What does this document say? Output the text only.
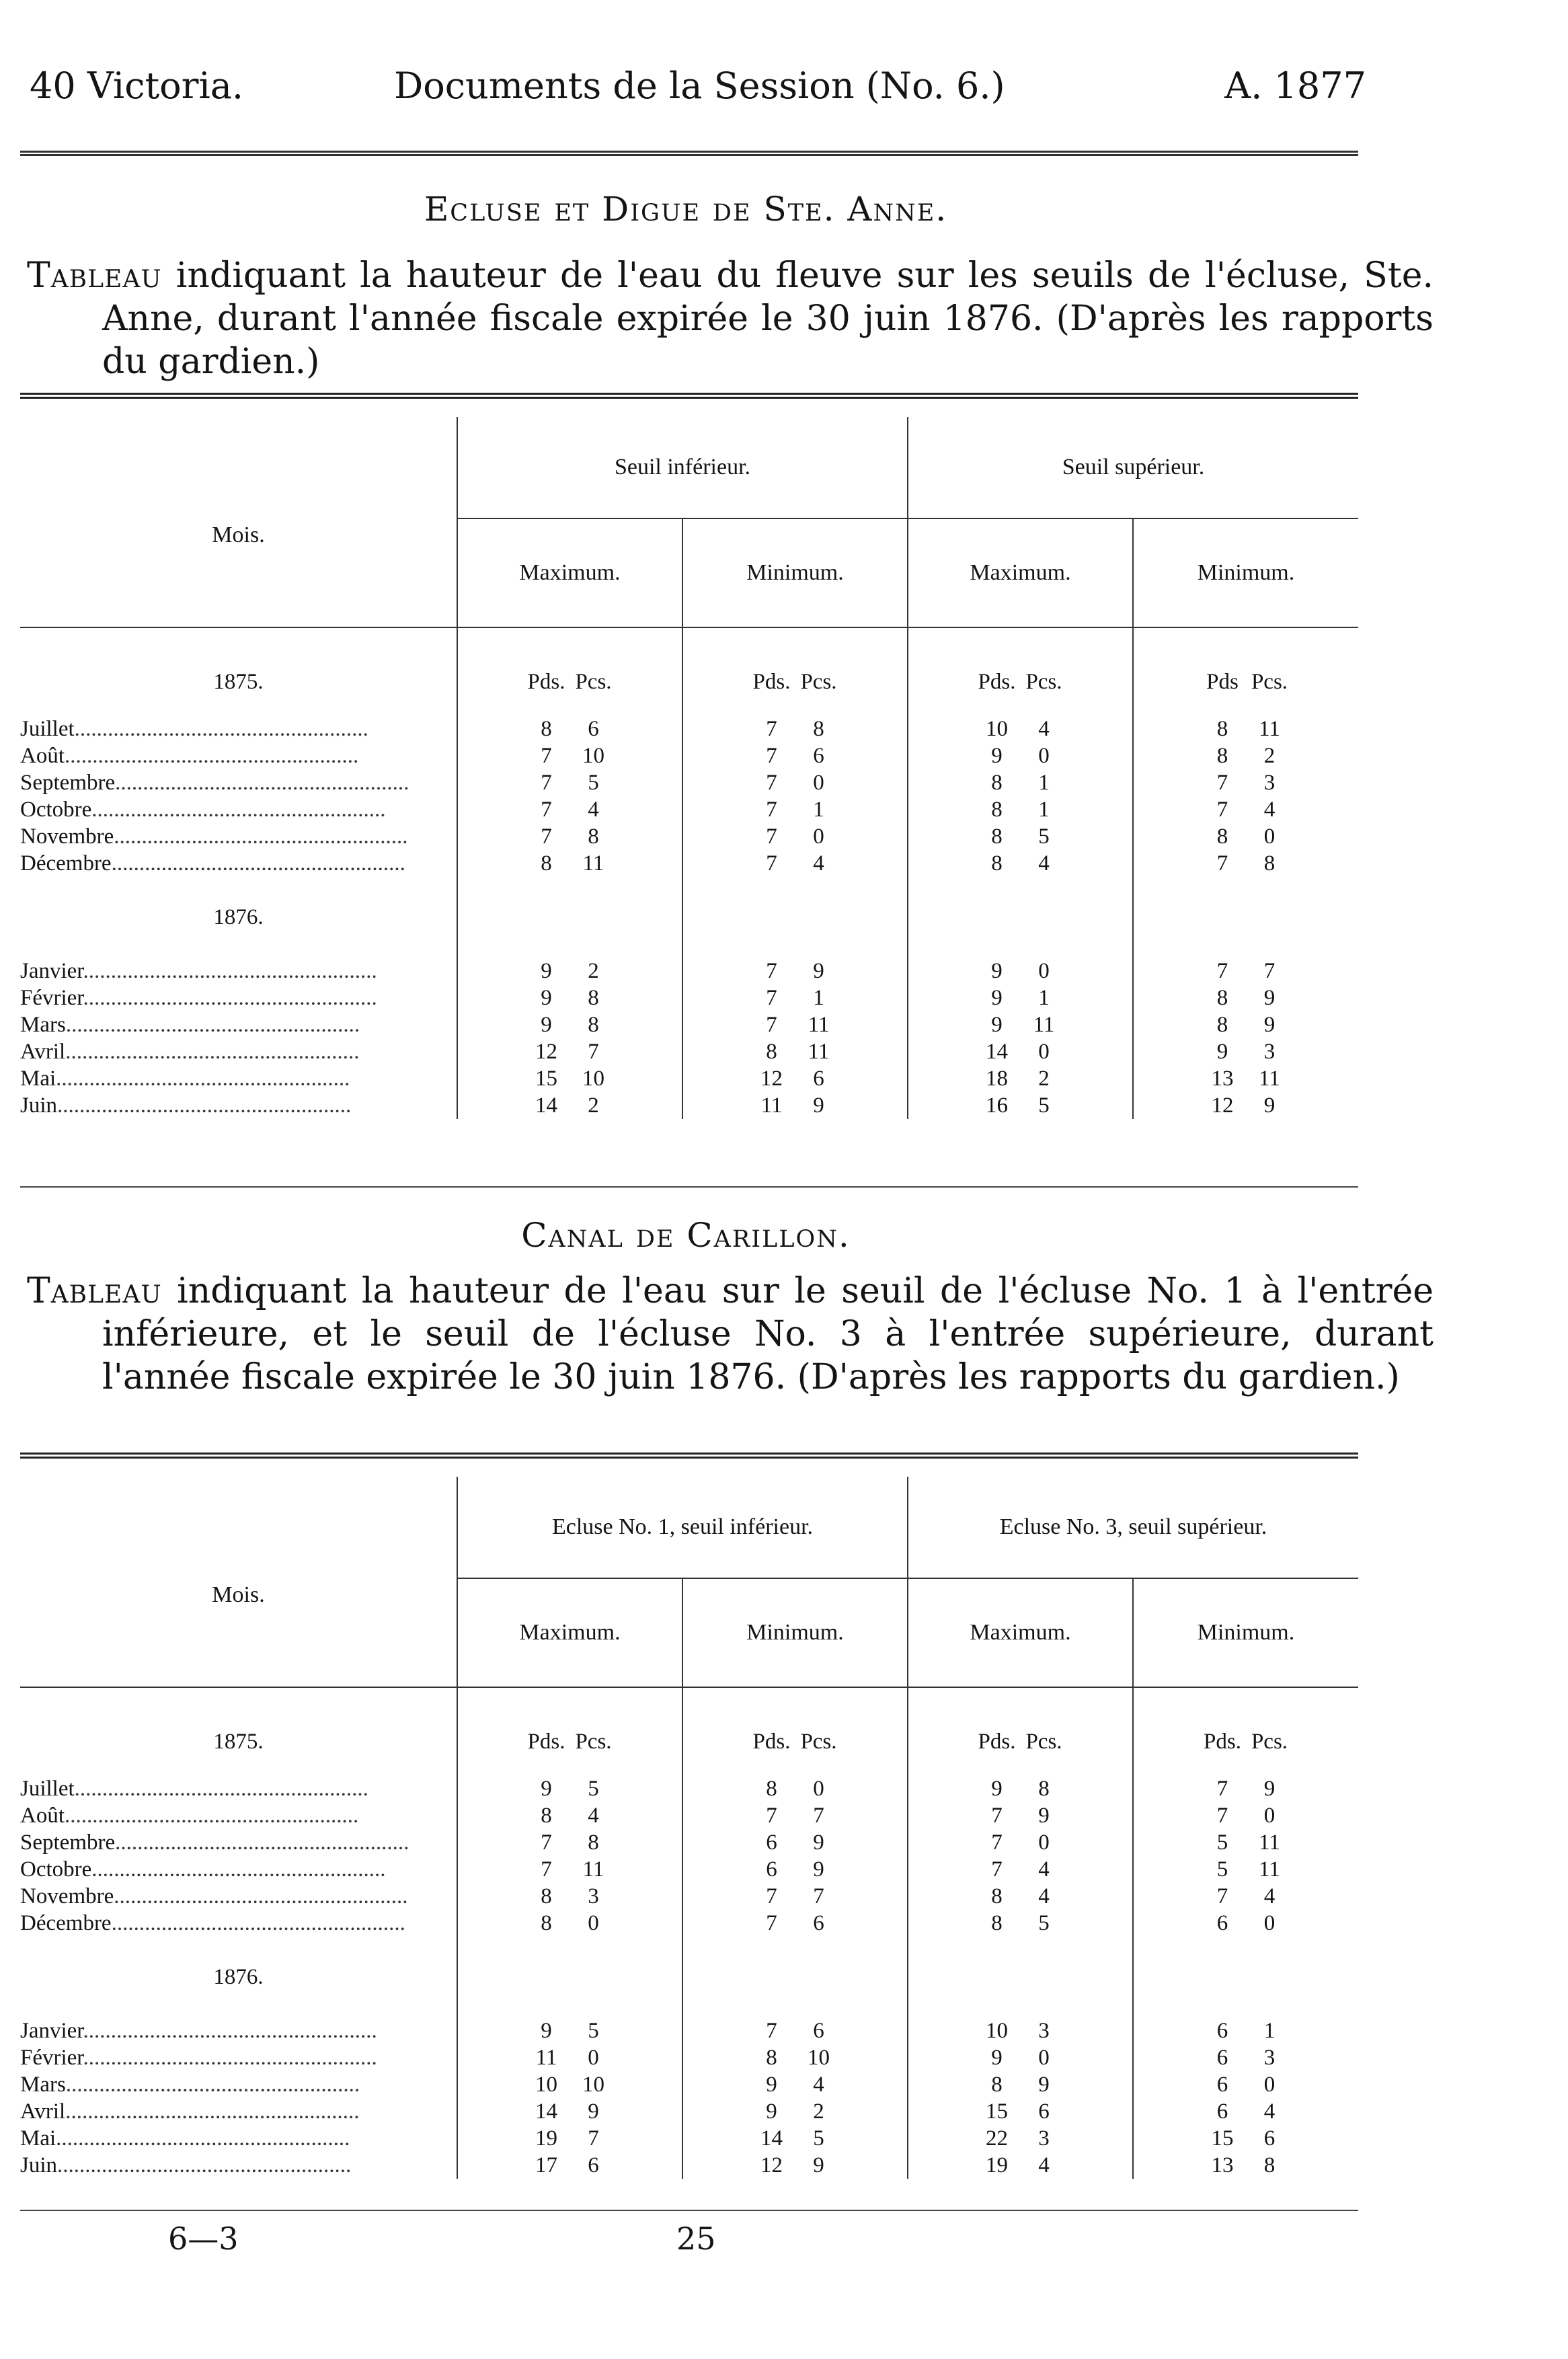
40 Victoria.	Documents de la Session (No. 6.)	A. 1877
Ecluse et Digue de Ste. Anne.
Tableau indiquant la hauteur de l'eau du fleuve sur les seuils de l'écluse, Ste. Anne, durant l'année fiscale expirée le 30 juin 1876. (D'après les rapports du gardien.)
Mois.	Seuil inférieur.		Seuil supérieur.	
	Maximum.	Minimum.	Maximum.	Minimum.
1875.	Pds. Pcs.	Pds. Pcs.	Pds. Pcs.	Pds Pcs.

Juillet.....................................................	8 6	7 8	10 4	8 11

Août.....................................................	7 10	7 6	9 0	8 2

Septembre.....................................................	7 5	7 0	8 1	7 3

Octobre.....................................................	7 4	7 1	8 1	7 4

Novembre.....................................................	7 8	7 0	8 5	8 0

Décembre.....................................................	8 11	7 4	8 4	7 8

1876.				
Janvier.....................................................	9 2	7 9	9 0	7 7

Février.....................................................	9 8	7 1	9 1	8 9

Mars.....................................................	9 8	7 11	9 11	8 9

Avril.....................................................	12 7	8 11	14 0	9 3

Mai.....................................................	15 10	12 6	18 2	13 11

Juin.....................................................	14 2	11 9	16 5	12 9
Canal de Carillon.
Tableau indiquant la hauteur de l'eau sur le seuil de l'écluse No. 1 à l'entrée inférieure, et le seuil de l'écluse No. 3 à l'entrée supérieure, durant l'année fiscale expirée le 30 juin 1876. (D'après les rapports du gardien.)
Mois.	Ecluse No. 1, seuil inférieur.		Ecluse No. 3, seuil supérieur.	
	Maximum.	Minimum.	Maximum.	Minimum.
1875.	Pds. Pcs.	Pds. Pcs.	Pds. Pcs.	Pds. Pcs.

Juillet.....................................................	9 5	8 0	9 8	7 9

Août.....................................................	8 4	7 7	7 9	7 0

Septembre.....................................................	7 8	6 9	7 0	5 11

Octobre.....................................................	7 11	6 9	7 4	5 11

Novembre.....................................................	8 3	7 7	8 4	7 4

Décembre.....................................................	8 0	7 6	8 5	6 0

1876.				
Janvier.....................................................	9 5	7 6	10 3	6 1

Février.....................................................	11 0	8 10	9 0	6 3

Mars.....................................................	10 10	9 4	8 9	6 0

Avril.....................................................	14 9	9 2	15 6	6 4

Mai.....................................................	19 7	14 5	22 3	15 6

Juin.....................................................	17 6	12 9	19 4	13 8
6—3	25
